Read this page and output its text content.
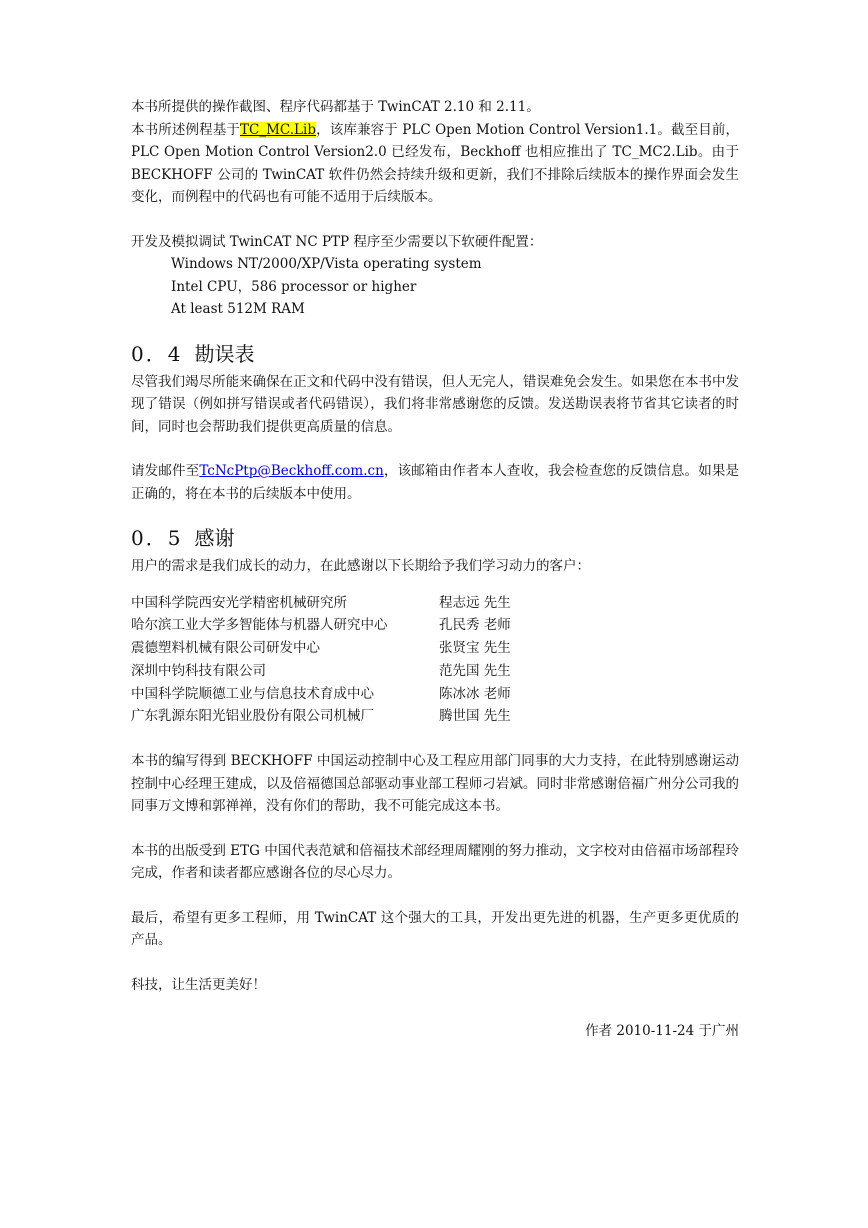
本书所提供的操作截图、程序代码都基于 TwinCAT 2.10 和 2.11。

本书所述例程基于TC_MC.Lib，该库兼容于 PLC Open Motion Control Version1.1。截至目前，PLC Open Motion Control Version2.0 已经发布，Beckhoff 也相应推出了 TC_MC2.Lib。由于 BECKHOFF 公司的 TwinCAT 软件仍然会持续升级和更新，我们不排除后续版本的操作界面会发生变化，而例程中的代码也有可能不适用于后续版本。

开发及模拟调试 TwinCAT NC PTP 程序至少需要以下软硬件配置：

Windows NT/2000/XP/Vista operating system
Intel CPU，586 processor or higher
At least 512M RAM
0．4 勘误表

尽管我们竭尽所能来确保在正文和代码中没有错误，但人无完人，错误难免会发生。如果您在本书中发现了错误（例如拼写错误或者代码错误），我们将非常感谢您的反馈。发送勘误表将节省其它读者的时间，同时也会帮助我们提供更高质量的信息。

请发邮件至TcNcPtp@Beckhoff.com.cn，该邮箱由作者本人查收，我会检查您的反馈信息。如果是正确的，将在本书的后续版本中使用。

0．5 感谢

用户的需求是我们成长的动力，在此感谢以下长期给予我们学习动力的客户：

中国科学院西安光学精密机械研究所	程志远 先生
哈尔滨工业大学多智能体与机器人研究中心	孔民秀 老师
震德塑料机械有限公司研发中心	张贤宝 先生
深圳中钧科技有限公司	范先国 先生
中国科学院顺德工业与信息技术育成中心	陈冰冰 老师
广东乳源东阳光铝业股份有限公司机械厂	腾世国 先生

本书的编写得到 BECKHOFF 中国运动控制中心及工程应用部门同事的大力支持，在此特别感谢运动控制中心经理王建成，以及倍福德国总部驱动事业部工程师刁岩斌。同时非常感谢倍福广州分公司我的同事万文博和郭禅禅，没有你们的帮助，我不可能完成这本书。

本书的出版受到 ETG 中国代表范斌和倍福技术部经理周耀刚的努力推动，文字校对由倍福市场部程玲完成，作者和读者都应感谢各位的尽心尽力。

最后，希望有更多工程师，用 TwinCAT 这个强大的工具，开发出更先进的机器，生产更多更优质的产品。

科技，让生活更美好！

作者 2010-11-24 于广州
